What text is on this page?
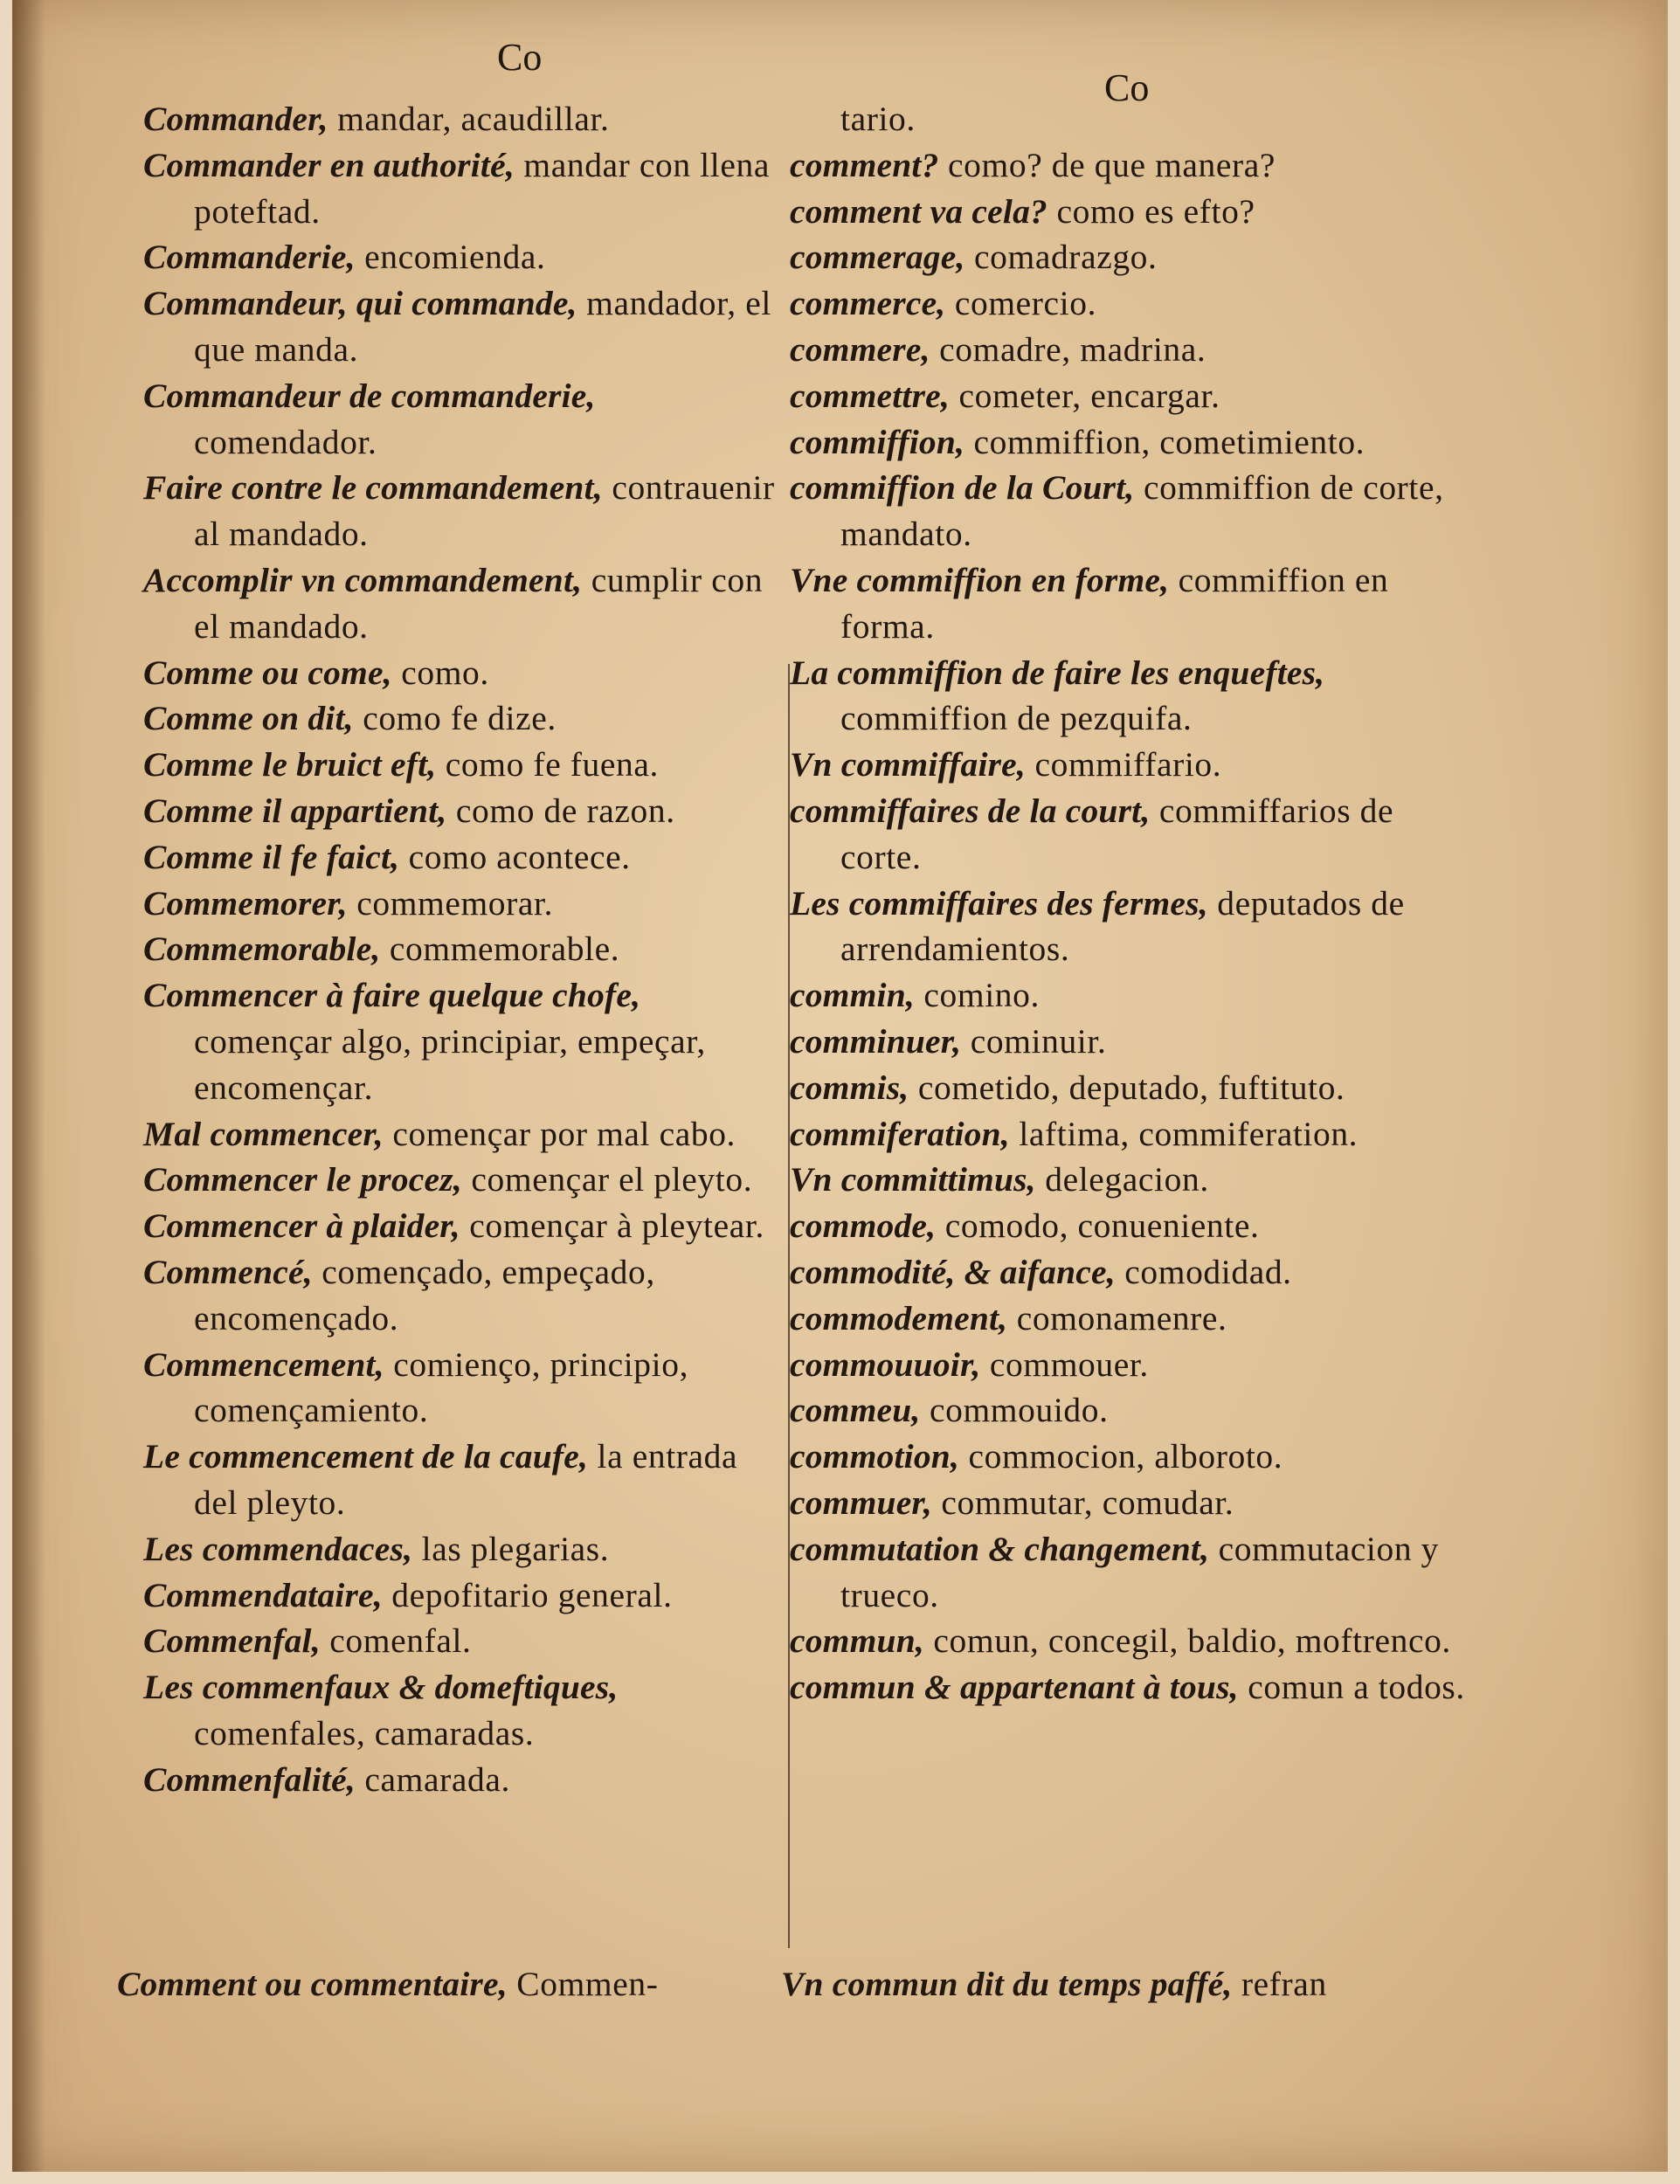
Co
Co
Commander, mandar, acaudillar.
Commander en authorité, mandar con llena poteftad.
Commanderie, encomienda.
Commandeur, qui commande, mandador, el que manda.
Commandeur de commanderie, comendador.
Faire contre le commandement, contrauenir al mandado.
Accomplir vn commandement, cumplir con el mandado.
Comme ou come, como.
Comme on dit, como fe dize.
Comme le bruict eft, como fe fuena.
Comme il appartient, como de razon.
Comme il fe faict, como acontece.
Commemorer, commemorar.
Commemorable, commemorable.
Commencer à faire quelque chofe, començar algo, principiar, empeçar, encomençar.
Mal commencer, començar por mal cabo.
Commencer le procez, començar el pleyto.
Commencer à plaider, començar à pleytear.
Commencé, començado, empeçado, encomençado.
Commencement, comienço, principio, començamiento.
Le commencement de la caufe, la entrada del pleyto.
Les commendaces, las plegarias.
Commendataire, depofitario general.
Commenfal, comenfal.
Les commenfaux & domeftiques, comenfales, camaradas.
Commenfalité, camarada.
tario.
comment? como? de que manera?
comment va cela? como es efto?
commerage, comadrazgo.
commerce, comercio.
commere, comadre, madrina.
commettre, cometer, encargar.
commiffion, commiffion, cometimiento.
commiffion de la Court, commiffion de corte, mandato.
Vne commiffion en forme, commiffion en forma.
La commiffion de faire les enqueftes, commiffion de pezquifa.
Vn commiffaire, commiffario.
commiffaires de la court, commiffarios de corte.
Les commiffaires des fermes, deputados de arrendamientos.
commin, comino.
comminuer, cominuir.
commis, cometido, deputado, fuftituto.
commiferation, laftima, commiferation.
Vn committimus, delegacion.
commode, comodo, conueniente.
commodité, & aifance, comodidad.
commodement, comonamenre.
commouuoir, commouer.
commeu, commouido.
commotion, commocion, alboroto.
commuer, commutar, comudar.
commutation & changement, commutacion y trueco.
commun, comun, concegil, baldio, moftrenco.
commun & appartenant à tous, comun a todos.
Comment ou commentaire, Commen-	Vn commun dit du temps paffé, refran
